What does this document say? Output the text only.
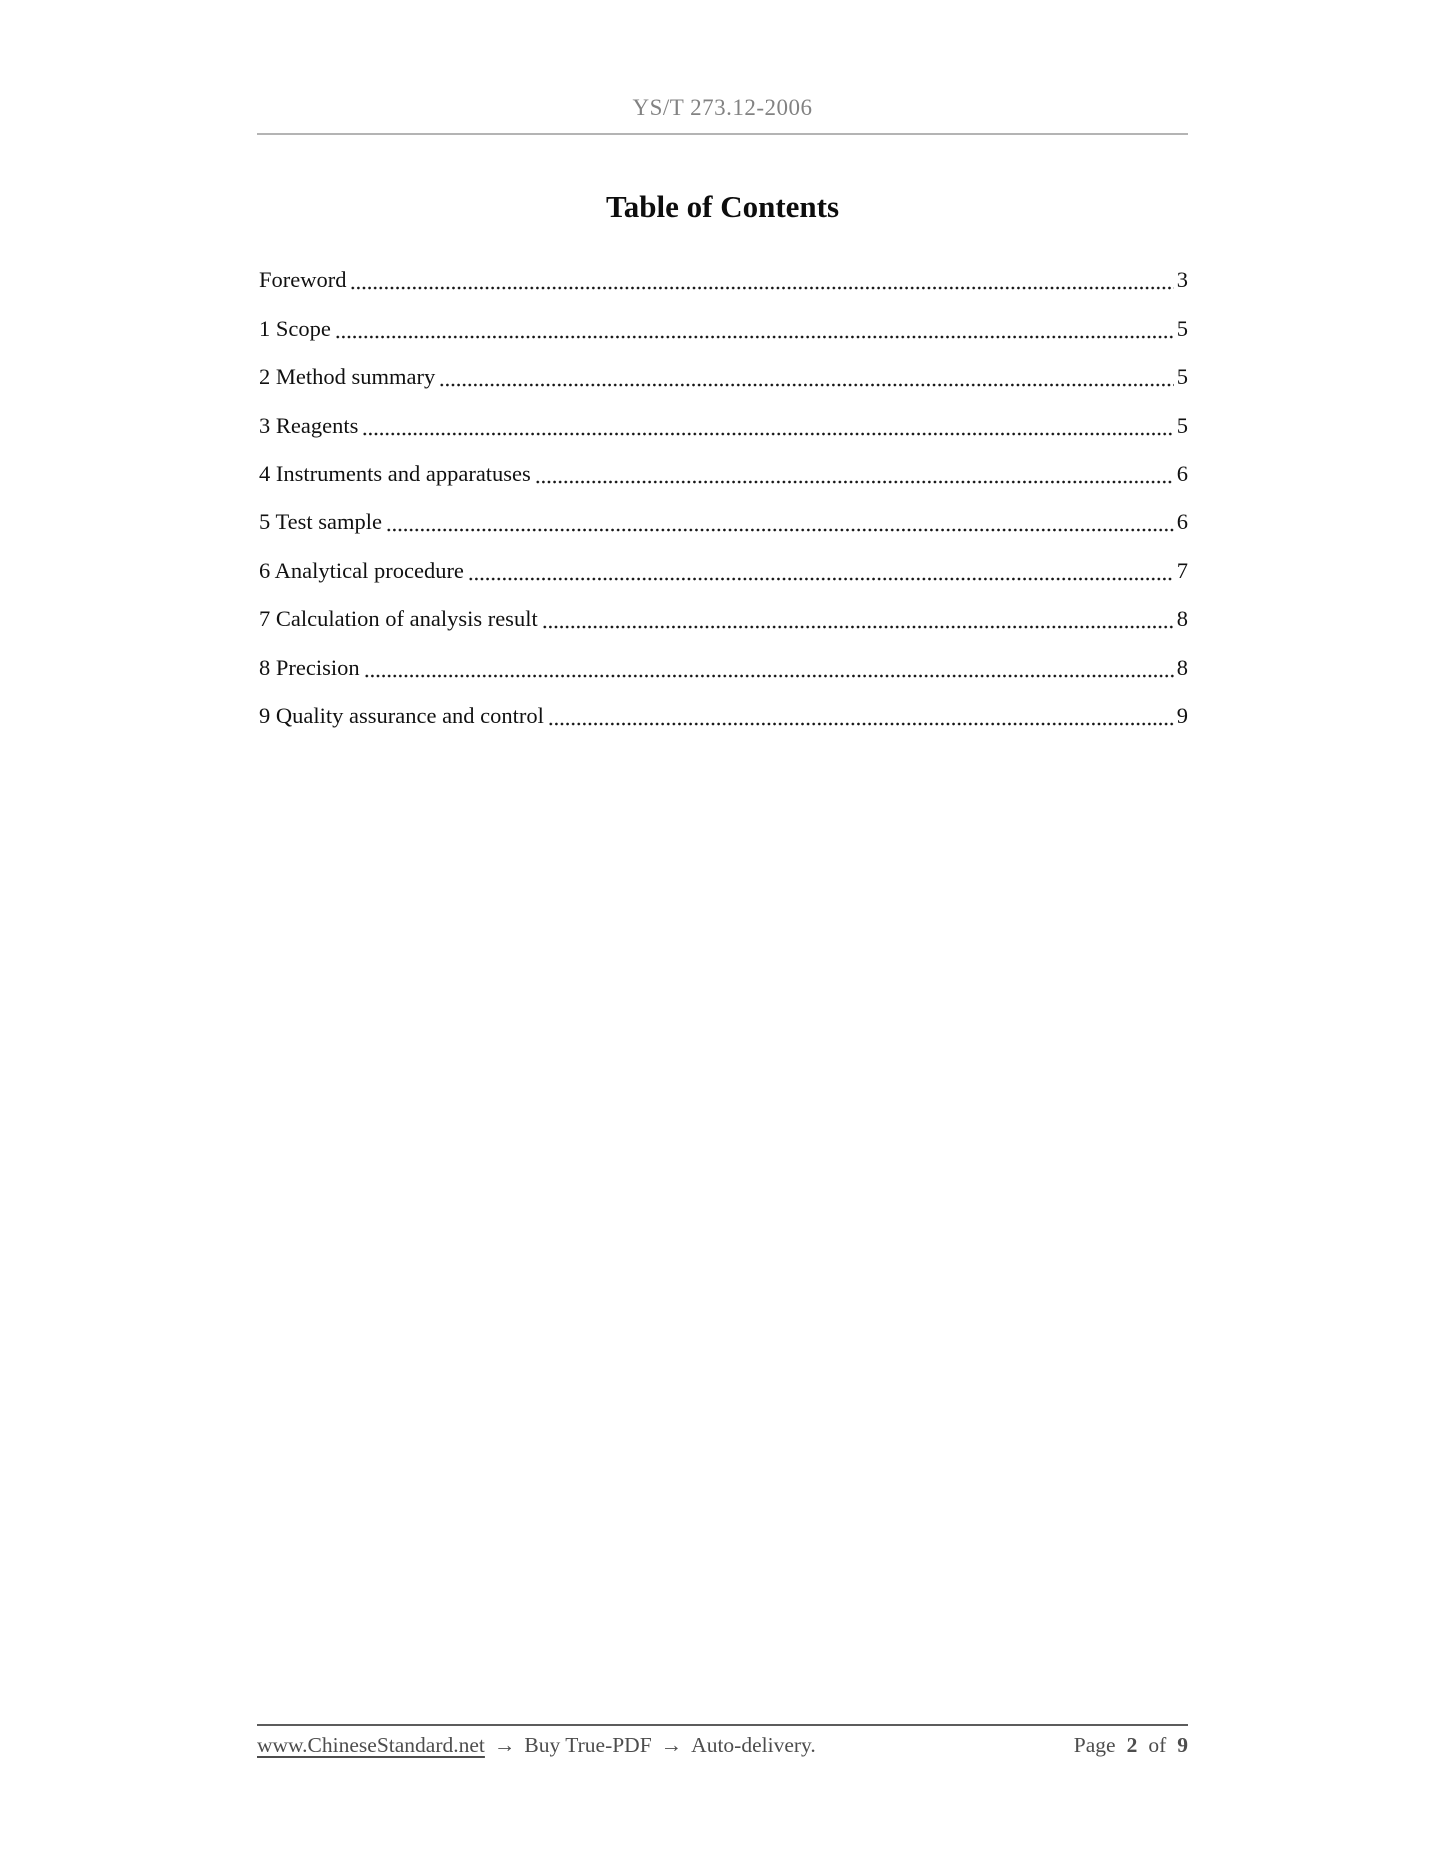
YS/T 273.12-2006
Table of Contents
Foreword	3
1 Scope	5
2 Method summary	5
3 Reagents	5
4 Instruments and apparatuses	6
5 Test sample	6
6 Analytical procedure	7
7 Calculation of analysis result	8
8 Precision	8
9 Quality assurance and control	9
www.ChineseStandard.net → Buy True-PDF → Auto-delivery.	Page 2 of 9
